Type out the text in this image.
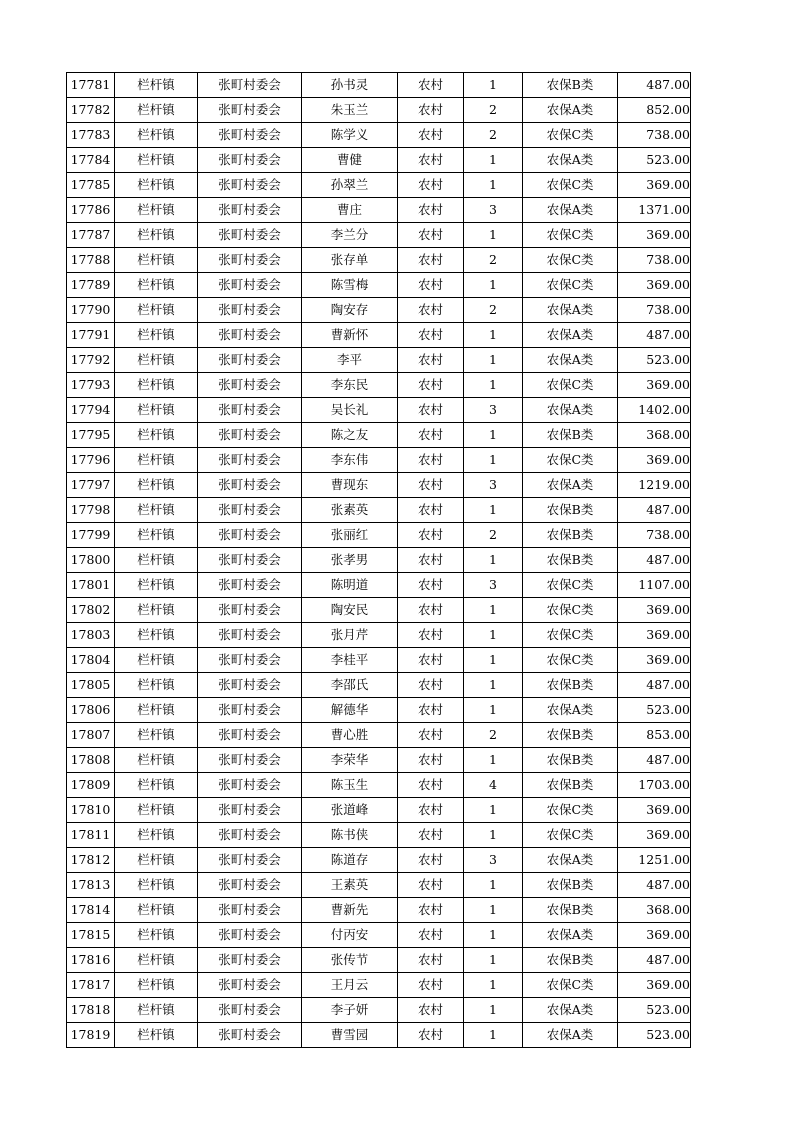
17781	栏杆镇	张町村委会	孙书灵	农村	1	农保B类	487.00
17782	栏杆镇	张町村委会	朱玉兰	农村	2	农保A类	852.00
17783	栏杆镇	张町村委会	陈学义	农村	2	农保C类	738.00
17784	栏杆镇	张町村委会	曹健	农村	1	农保A类	523.00
17785	栏杆镇	张町村委会	孙翠兰	农村	1	农保C类	369.00
17786	栏杆镇	张町村委会	曹庄	农村	3	农保A类	1371.00
17787	栏杆镇	张町村委会	李兰分	农村	1	农保C类	369.00
17788	栏杆镇	张町村委会	张存单	农村	2	农保C类	738.00
17789	栏杆镇	张町村委会	陈雪梅	农村	1	农保C类	369.00
17790	栏杆镇	张町村委会	陶安存	农村	2	农保A类	738.00
17791	栏杆镇	张町村委会	曹新怀	农村	1	农保A类	487.00
17792	栏杆镇	张町村委会	李平	农村	1	农保A类	523.00
17793	栏杆镇	张町村委会	李东民	农村	1	农保C类	369.00
17794	栏杆镇	张町村委会	吴长礼	农村	3	农保A类	1402.00
17795	栏杆镇	张町村委会	陈之友	农村	1	农保B类	368.00
17796	栏杆镇	张町村委会	李东伟	农村	1	农保C类	369.00
17797	栏杆镇	张町村委会	曹现东	农村	3	农保A类	1219.00
17798	栏杆镇	张町村委会	张素英	农村	1	农保B类	487.00
17799	栏杆镇	张町村委会	张丽红	农村	2	农保B类	738.00
17800	栏杆镇	张町村委会	张孝男	农村	1	农保B类	487.00
17801	栏杆镇	张町村委会	陈明道	农村	3	农保C类	1107.00
17802	栏杆镇	张町村委会	陶安民	农村	1	农保C类	369.00
17803	栏杆镇	张町村委会	张月芹	农村	1	农保C类	369.00
17804	栏杆镇	张町村委会	李桂平	农村	1	农保C类	369.00
17805	栏杆镇	张町村委会	李邵氏	农村	1	农保B类	487.00
17806	栏杆镇	张町村委会	解德华	农村	1	农保A类	523.00
17807	栏杆镇	张町村委会	曹心胜	农村	2	农保B类	853.00
17808	栏杆镇	张町村委会	李荣华	农村	1	农保B类	487.00
17809	栏杆镇	张町村委会	陈玉生	农村	4	农保B类	1703.00
17810	栏杆镇	张町村委会	张道峰	农村	1	农保C类	369.00
17811	栏杆镇	张町村委会	陈书侠	农村	1	农保C类	369.00
17812	栏杆镇	张町村委会	陈道存	农村	3	农保A类	1251.00
17813	栏杆镇	张町村委会	王素英	农村	1	农保B类	487.00
17814	栏杆镇	张町村委会	曹新先	农村	1	农保B类	368.00
17815	栏杆镇	张町村委会	付丙安	农村	1	农保A类	369.00
17816	栏杆镇	张町村委会	张传节	农村	1	农保B类	487.00
17817	栏杆镇	张町村委会	王月云	农村	1	农保C类	369.00
17818	栏杆镇	张町村委会	李子妍	农村	1	农保A类	523.00
17819	栏杆镇	张町村委会	曹雪园	农村	1	农保A类	523.00
